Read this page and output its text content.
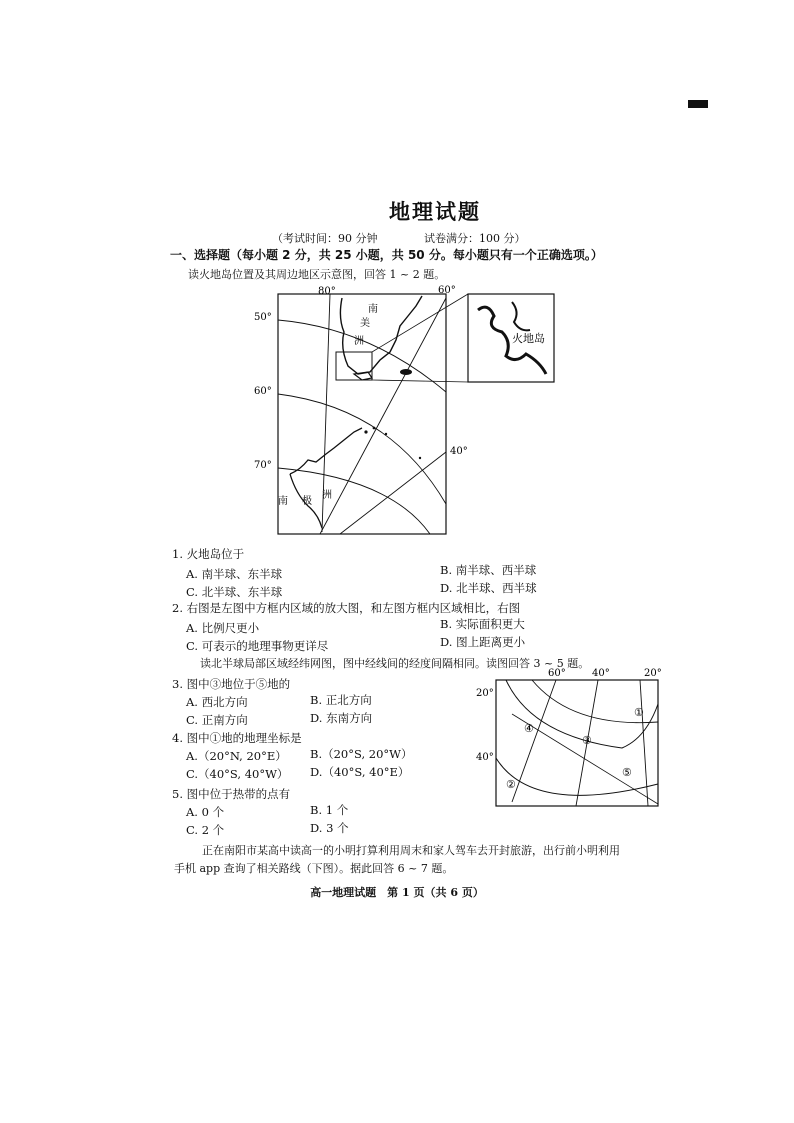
地理试题
（考试时间：90 分钟	试卷满分：100 分）
一、选择题（每小题 2 分，共 25 小题，共 50 分。每小题只有一个正确选项。）
读火地岛位置及其周边地区示意图，回答 1 ~ 2 题。
80°	60°
40°
50°
60°
70°
南
美
洲
南 极
洲
火地岛
1. 火地岛位于
A. 南半球、东半球	B. 南半球、西半球
C. 北半球、东半球	D. 北半球、西半球
2. 右图是左图中方框内区域的放大图，和左图方框内区域相比，右图
A. 比例尺更小	B. 实际面积更大
C. 可表示的地理事物更详尽	D. 图上距离更小
读北半球局部区域经纬网图，图中经线间的经度间隔相同。读图回答 3 ~ 5 题。
3. 图中③地位于⑤地的
A. 西北方向	B. 正北方向
C. 正南方向	D. 东南方向
4. 图中①地的地理坐标是
A.（20°N, 20°E） B.（20°S, 20°W）
C.（40°S, 40°W） D.（40°S, 40°E）
5. 图中位于热带的点有
A. 0 个	B. 1 个
C. 2 个	D. 3 个
①
②
③
④
⑤
60°	40°	20°
20°
40°
正在南阳市某高中读高一的小明打算利用周末和家人驾车去开封旅游，出行前小明利用
手机 app 查询了相关路线（下图）。据此回答 6 ~ 7 题。
高一地理试题　第 1 页（共 6 页）
